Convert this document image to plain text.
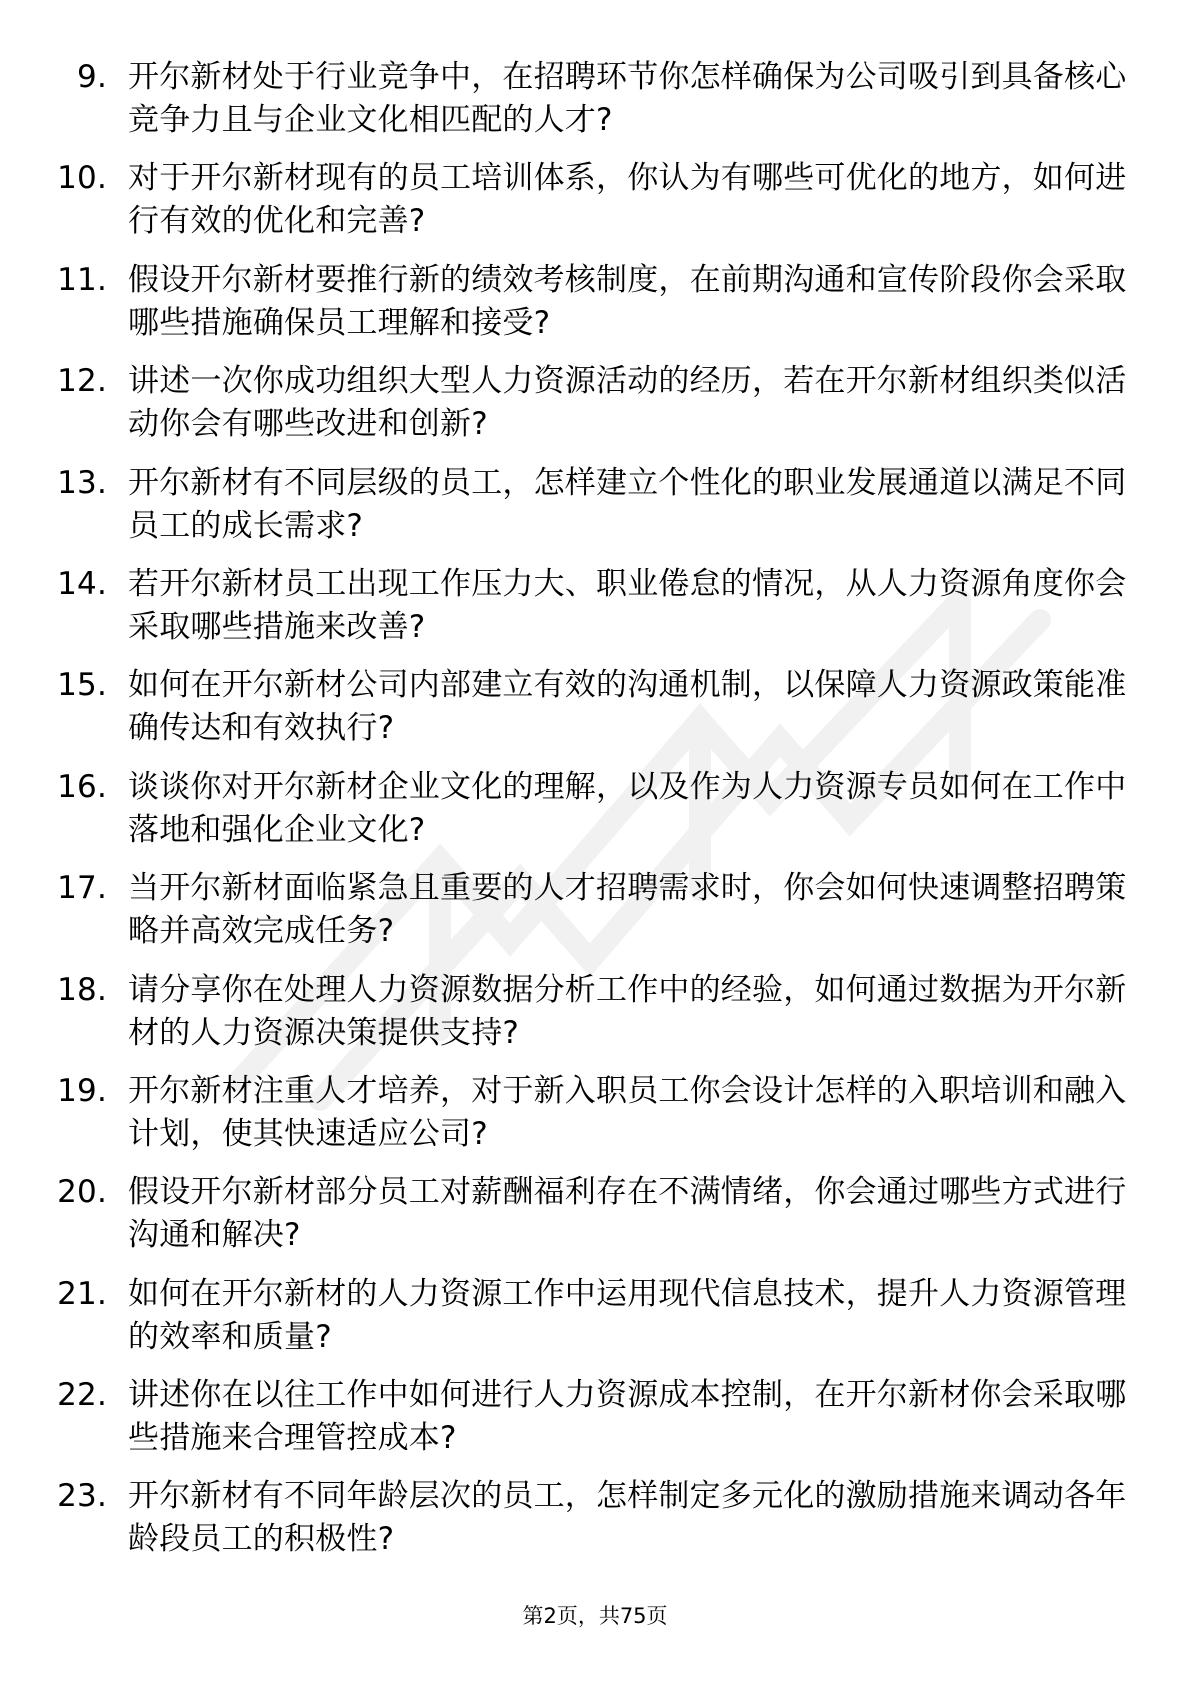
9. 开尔新材处于行业竞争中，在招聘环节你怎样确保为公司吸引到具备核心竞争力且与企业文化相匹配的人才?
10. 对于开尔新材现有的员工培训体系，你认为有哪些可优化的地方，如何进行有效的优化和完善?
11. 假设开尔新材要推行新的绩效考核制度，在前期沟通和宣传阶段你会采取哪些措施确保员工理解和接受?
12. 讲述一次你成功组织大型人力资源活动的经历，若在开尔新材组织类似活动你会有哪些改进和创新?
13. 开尔新材有不同层级的员工，怎样建立个性化的职业发展通道以满足不同员工的成长需求?
14. 若开尔新材员工出现工作压力大、职业倦怠的情况，从人力资源角度你会采取哪些措施来改善?
15. 如何在开尔新材公司内部建立有效的沟通机制，以保障人力资源政策能准确传达和有效执行?
16. 谈谈你对开尔新材企业文化的理解，以及作为人力资源专员如何在工作中落地和强化企业文化?
17. 当开尔新材面临紧急且重要的人才招聘需求时，你会如何快速调整招聘策略并高效完成任务?
18. 请分享你在处理人力资源数据分析工作中的经验，如何通过数据为开尔新材的人力资源决策提供支持?
19. 开尔新材注重人才培养，对于新入职员工你会设计怎样的入职培训和融入计划，使其快速适应公司?
20. 假设开尔新材部分员工对薪酬福利存在不满情绪，你会通过哪些方式进行沟通和解决?
21. 如何在开尔新材的人力资源工作中运用现代信息技术，提升人力资源管理的效率和质量?
22. 讲述你在以往工作中如何进行人力资源成本控制，在开尔新材你会采取哪些措施来合理管控成本?
23. 开尔新材有不同年龄层次的员工，怎样制定多元化的激励措施来调动各年龄段员工的积极性?
第2页，共75页
